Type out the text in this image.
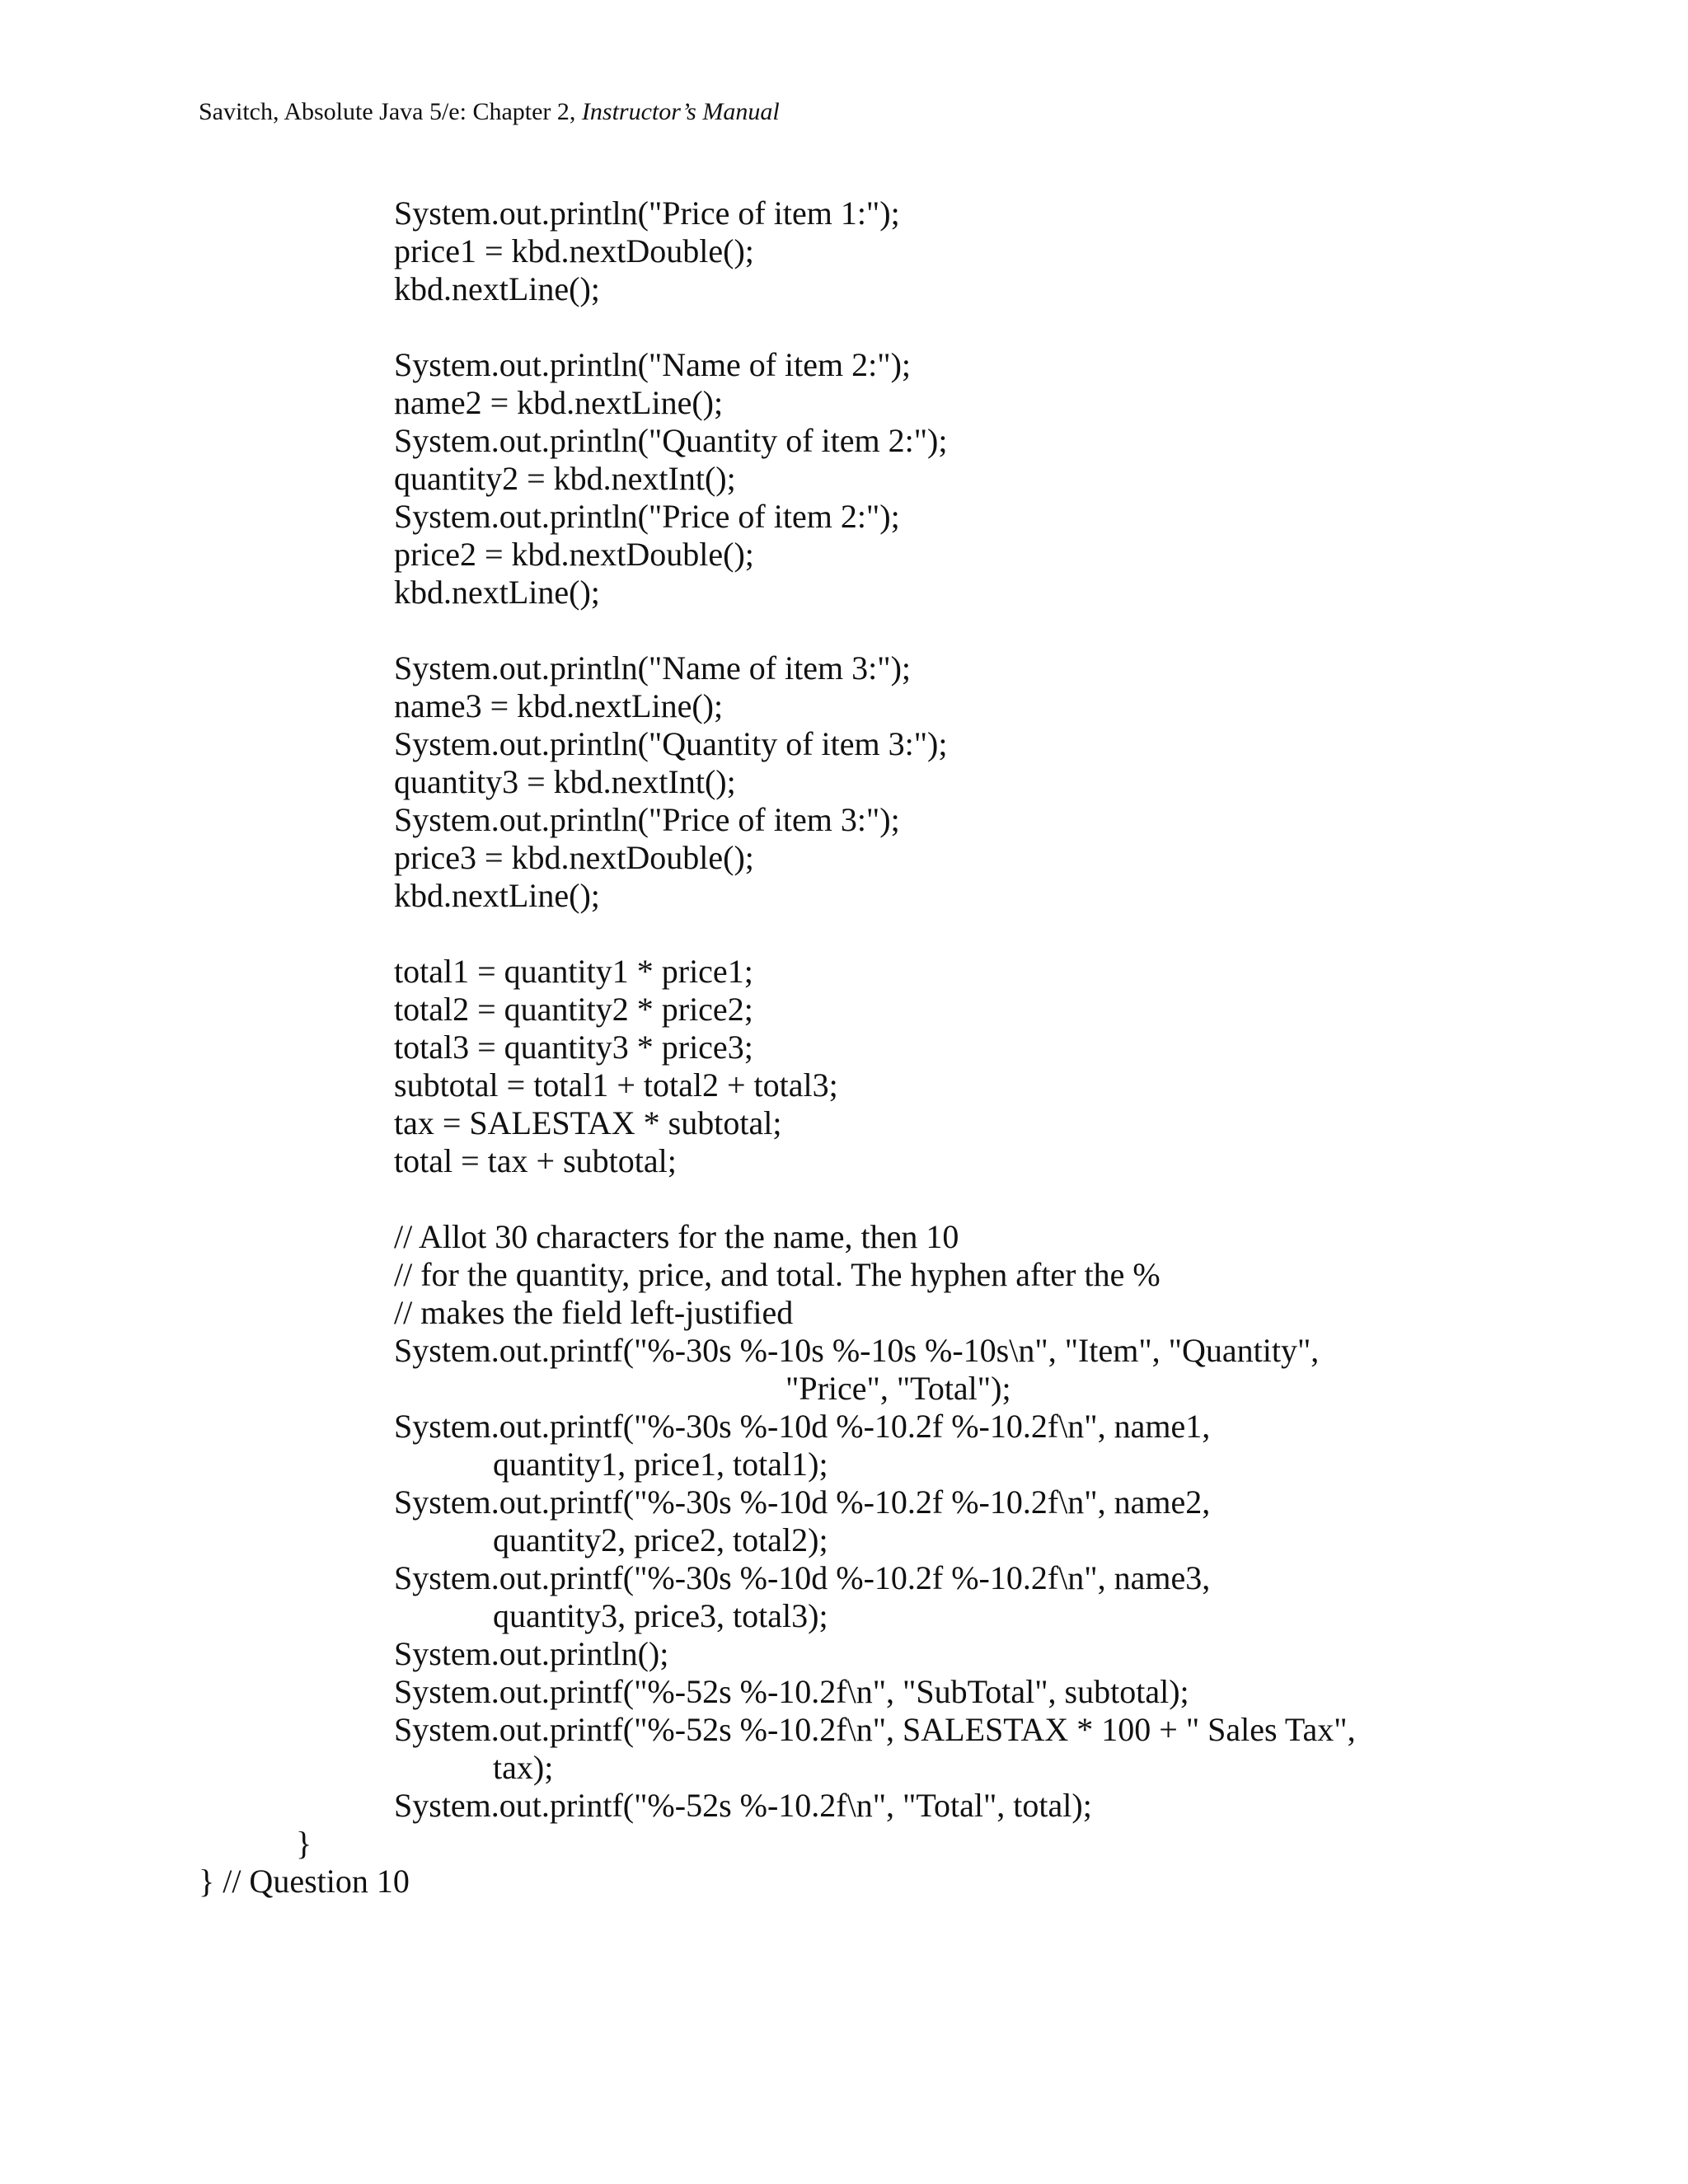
Savitch, Absolute Java 5/e: Chapter 2, Instructor’s Manual
System.out.println("Price of item 1:");
price1 = kbd.nextDouble();
kbd.nextLine();
System.out.println("Name of item 2:");
name2 = kbd.nextLine();
System.out.println("Quantity of item 2:");
quantity2 = kbd.nextInt();
System.out.println("Price of item 2:");
price2 = kbd.nextDouble();
kbd.nextLine();
System.out.println("Name of item 3:");
name3 = kbd.nextLine();
System.out.println("Quantity of item 3:");
quantity3 = kbd.nextInt();
System.out.println("Price of item 3:");
price3 = kbd.nextDouble();
kbd.nextLine();
total1 = quantity1 * price1;
total2 = quantity2 * price2;
total3 = quantity3 * price3;
subtotal = total1 + total2 + total3;
tax = SALESTAX * subtotal;
total = tax + subtotal;
// Allot 30 characters for the name, then 10
// for the quantity, price, and total. The hyphen after the %
// makes the field left-justified
System.out.printf("%-30s %-10s %-10s %-10s\n", "Item", "Quantity",
"Price", "Total");
System.out.printf("%-30s %-10d %-10.2f %-10.2f\n", name1,
quantity1, price1, total1);
System.out.printf("%-30s %-10d %-10.2f %-10.2f\n", name2,
quantity2, price2, total2);
System.out.printf("%-30s %-10d %-10.2f %-10.2f\n", name3,
quantity3, price3, total3);
System.out.println();
System.out.printf("%-52s %-10.2f\n", "SubTotal", subtotal);
System.out.printf("%-52s %-10.2f\n", SALESTAX * 100 + " Sales Tax",
tax);
System.out.printf("%-52s %-10.2f\n", "Total", total);
}
} // Question 10
